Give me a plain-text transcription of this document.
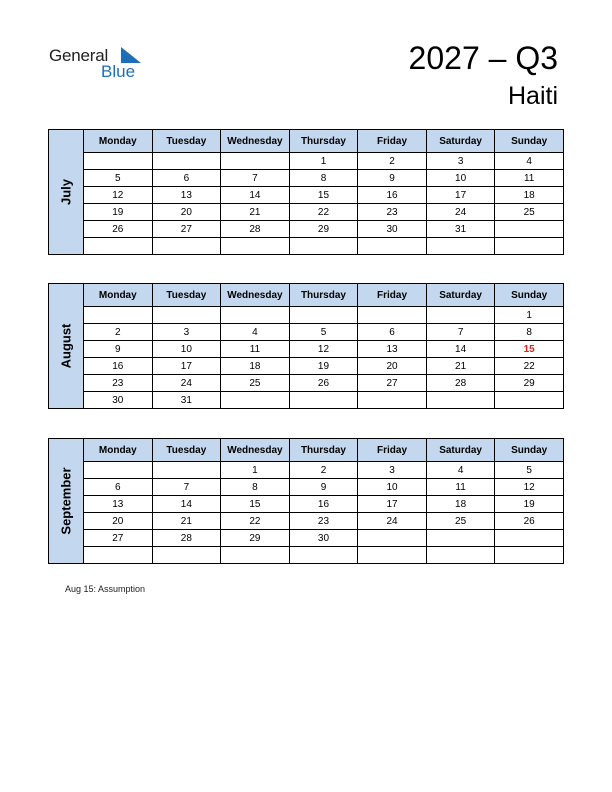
General
Blue	2027 – Q3
Haiti
July	Monday	Tuesday	Wednesday	Thursday	Friday	Saturday	Sunday
				1	2	3	4
	5	6	7	8	9	10	11
	12	13	14	15	16	17	18
	19	20	21	22	23	24	25
	26	27	28	29	30	31	

August	Monday	Tuesday	Wednesday	Thursday	Friday	Saturday	Sunday
							1
	2	3	4	5	6	7	8
	9	10	11	12	13	14	15
	16	17	18	19	20	21	22
	23	24	25	26	27	28	29
	30	31					
September	Monday	Tuesday	Wednesday	Thursday	Friday	Saturday	Sunday
			1	2	3	4	5
	6	7	8	9	10	11	12
	13	14	15	16	17	18	19
	20	21	22	23	24	25	26
	27	28	29	30			

Aug 15: Assumption
